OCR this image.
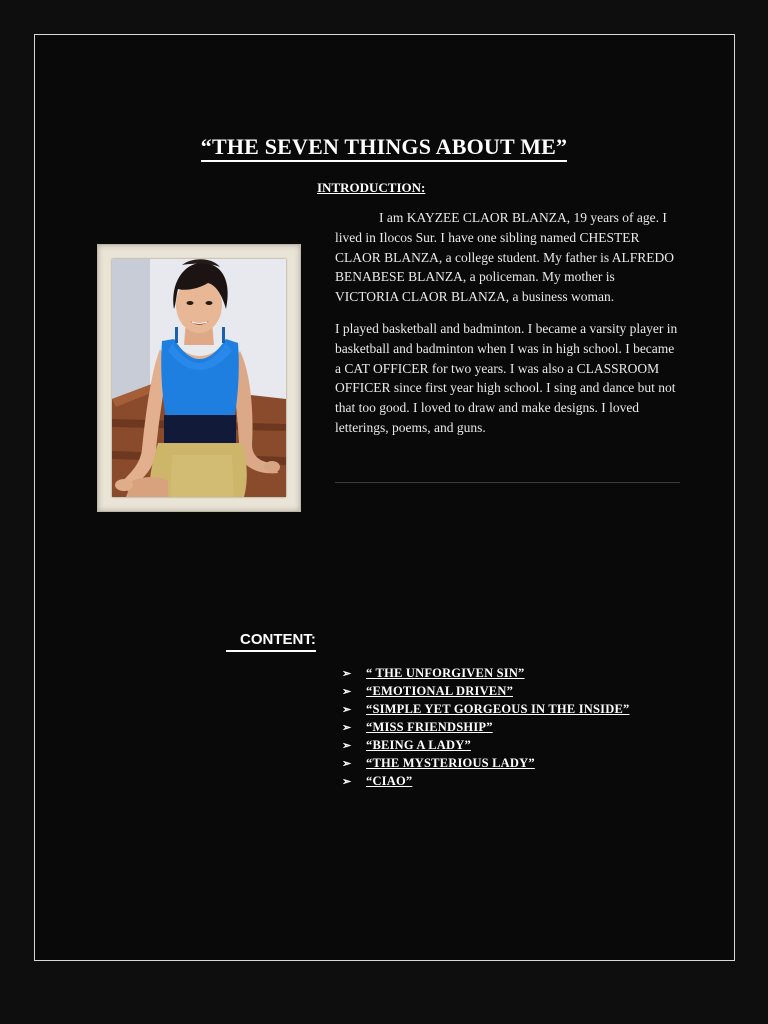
“THE SEVEN THINGS ABOUT ME”
INTRODUCTION:

I am KAYZEE CLAOR BLANZA, 19 years of age. I lived in Ilocos Sur. I have one sibling named CHESTER CLAOR BLANZA, a college student. My father is ALFREDO BENABESE BLANZA, a policeman. My mother is VICTORIA CLAOR BLANZA, a business woman.

I played basketball and badminton. I became a varsity player in basketball and badminton when I was in high school. I became a CAT OFFICER for two years. I was also a CLASSROOM OFFICER since first year high school. I sing and dance but not that too good. I loved to draw and make designs. I loved letterings, poems, and guns.

CONTENT:
➢ “ THE UNFORGIVEN SIN”
➢ “EMOTIONAL DRIVEN”
➢ “SIMPLE YET GORGEOUS IN THE INSIDE”
➢ “MISS FRIENDSHIP”
➢ “BEING A LADY”
➢ “THE MYSTERIOUS LADY”
➢ “CIAO”
